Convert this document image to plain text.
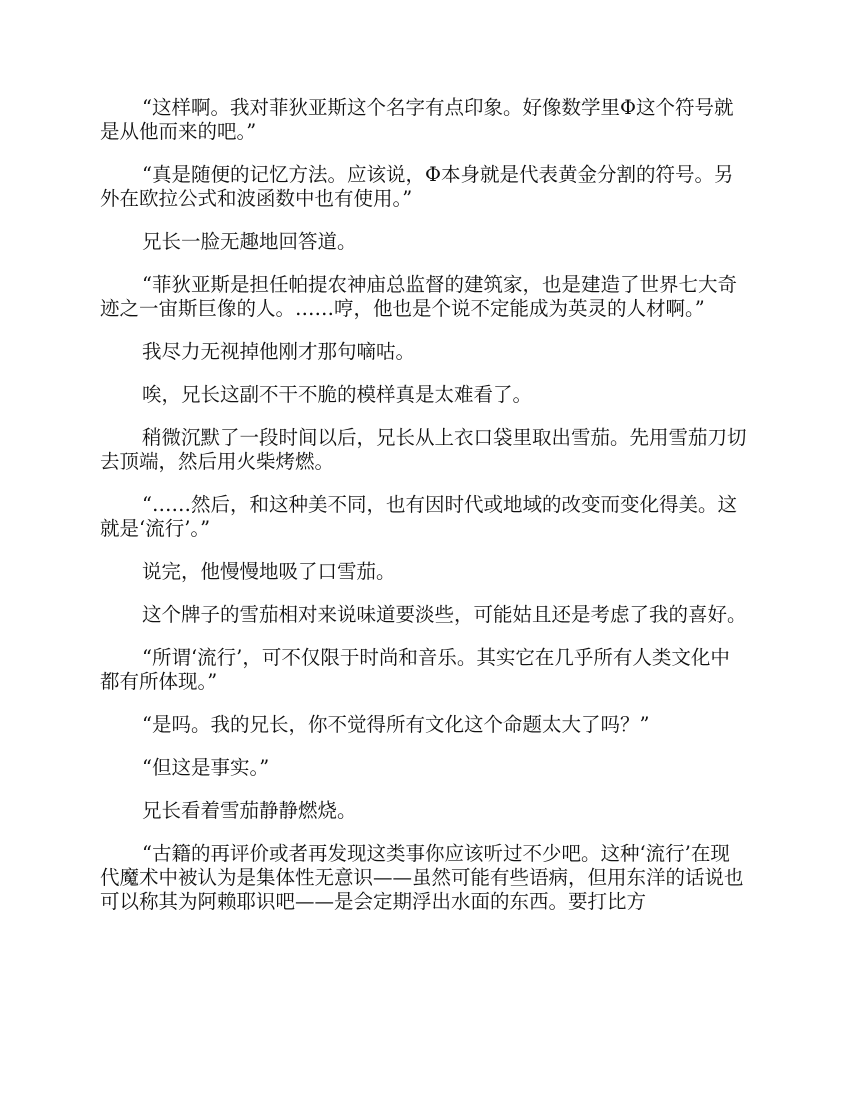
“这样啊。我对菲狄亚斯这个名字有点印象。好像数学里Φ这个符号就是从他而来的吧。”

“真是随便的记忆方法。应该说，Φ本身就是代表黄金分割的符号。另外在欧拉公式和波函数中也有使用。”

兄长一脸无趣地回答道。

“菲狄亚斯是担任帕提农神庙总监督的建筑家，也是建造了世界七大奇迹之一宙斯巨像的人。……哼，他也是个说不定能成为英灵的人材啊。”

我尽力无视掉他刚才那句嘀咕。

唉，兄长这副不干不脆的模样真是太难看了。

稍微沉默了一段时间以后，兄长从上衣口袋里取出雪茄。先用雪茄刀切去顶端，然后用火柴烤燃。

“……然后，和这种美不同，也有因时代或地域的改变而变化得美。这就是‘流行’。”

说完，他慢慢地吸了口雪茄。

这个牌子的雪茄相对来说味道要淡些，可能姑且还是考虑了我的喜好。

“所谓‘流行’，可不仅限于时尚和音乐。其实它在几乎所有人类文化中都有所体现。”

“是吗。我的兄长，你不觉得所有文化这个命题太大了吗？”

“但这是事实。”

兄长看着雪茄静静燃烧。

“古籍的再评价或者再发现这类事你应该听过不少吧。这种‘流行’在现代魔术中被认为是集体性无意识——虽然可能有些语病，但用东洋的话说也可以称其为阿赖耶识吧——是会定期浮出水面的东西。要打比方
